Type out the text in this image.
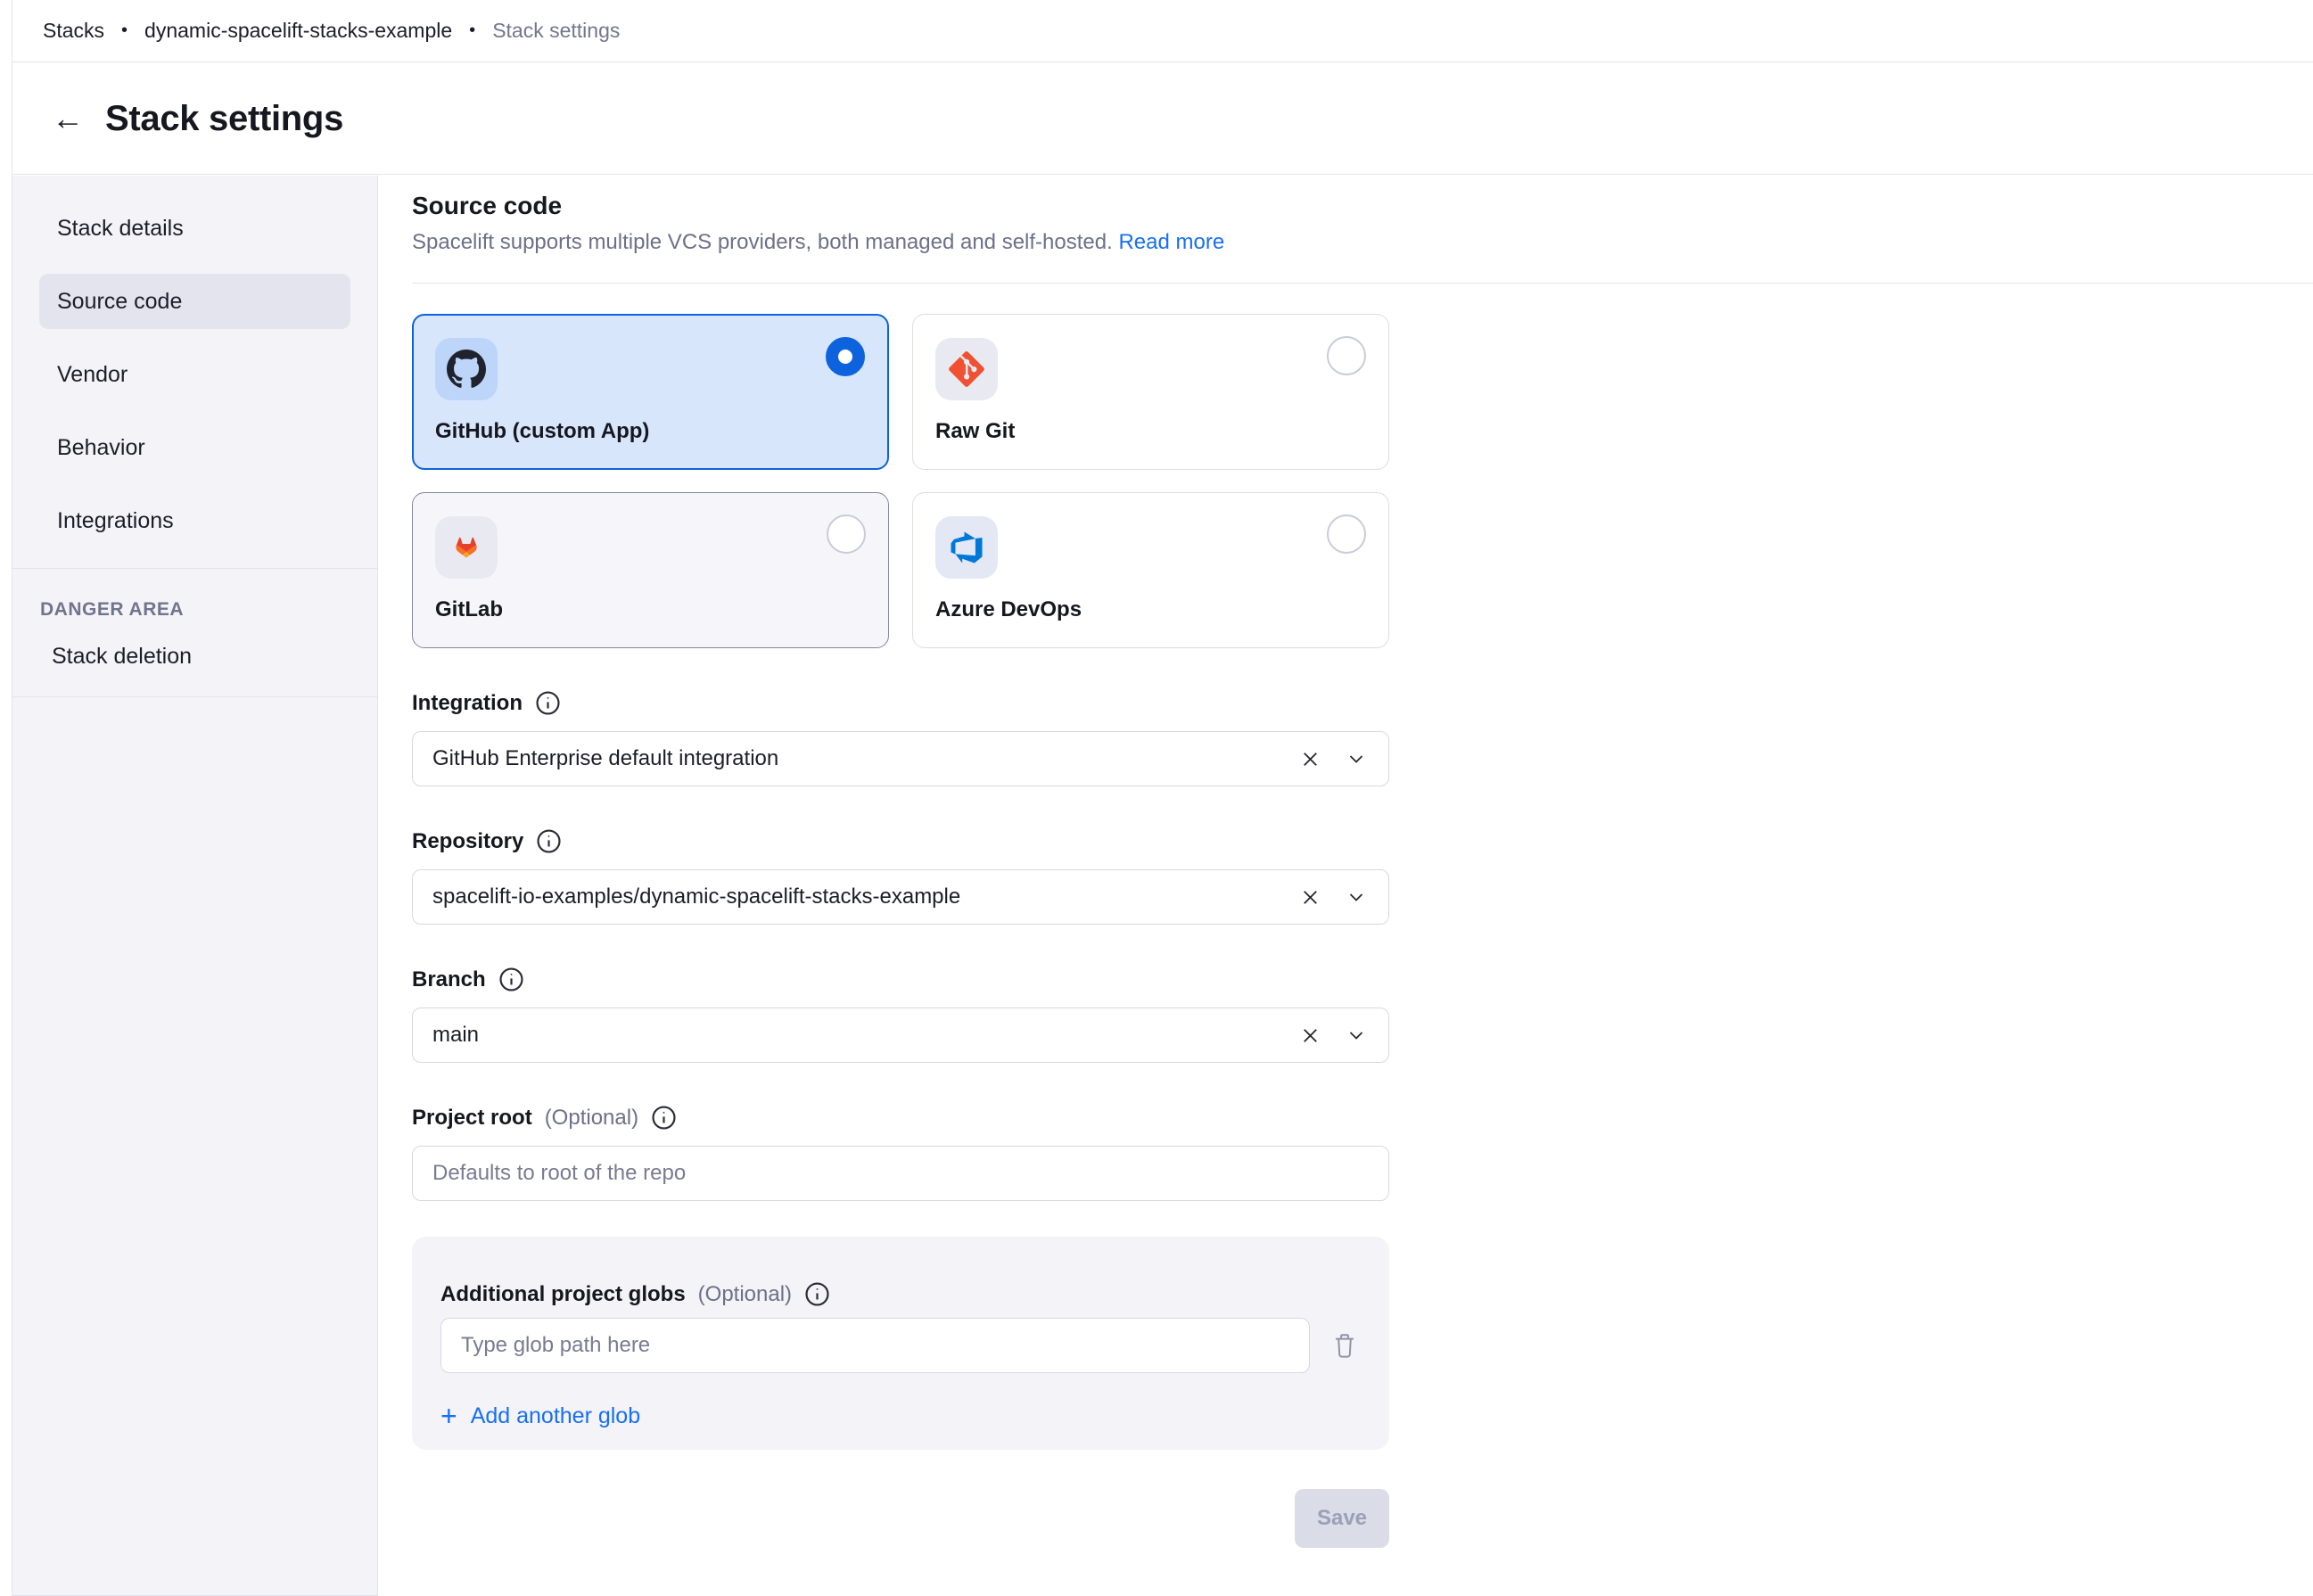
Stacks • dynamic-spacelift-stacks-example • Stack settings
← Stack settings
Stack details
Source code
Vendor
Behavior
Integrations
DANGER AREA
Stack deletion
Source code
Spacelift supports multiple VCS providers, both managed and self-hosted. Read more
GitHub (custom App)	Raw Git
GitLab	Azure DevOps
Integration
GitHub Enterprise default integration
Repository
spacelift-io-examples/dynamic-spacelift-stacks-example
Branch
main
Project root (Optional)
Defaults to root of the repo
Additional project globs (Optional)
Type glob path here
+ Add another glob
Save
